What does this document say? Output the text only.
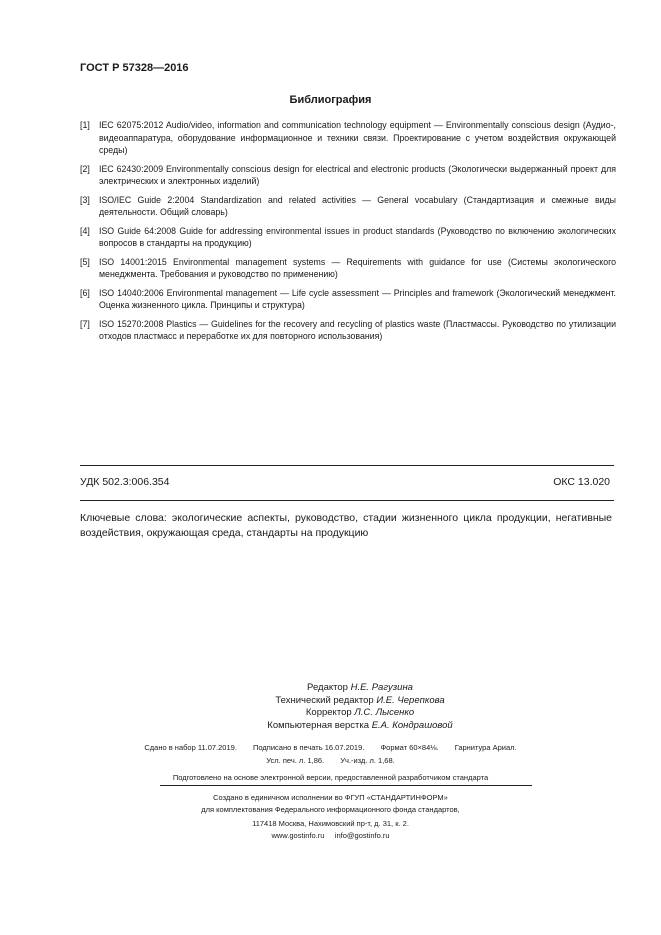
ГОСТ Р 57328—2016
Библиография
[1] IEC 62075:2012 Audio/video, information and communication technology equipment — Environmentally conscious design (Аудио-, видеоаппаратура, оборудование информационное и техники связи. Проектирование с учетом воздействия окружающей среды)
[2] IEC 62430:2009 Environmentally conscious design for electrical and electronic products (Экологически выдержанный проект для электрических и электронных изделий)
[3] ISO/IEC Guide 2:2004 Standardization and related activities — General vocabulary (Стандартизация и смежные виды деятельности. Общий словарь)
[4] ISO Guide 64:2008 Guide for addressing environmental issues in product standards (Руководство по включению экологических вопросов в стандарты на продукцию)
[5] ISO 14001:2015 Environmental management systems — Requirements with guidance for use (Системы экологического менеджмента. Требования и руководство по применению)
[6] ISO 14040:2006 Environmental management — Life cycle assessment — Principles and framework (Экологический менеджмент. Оценка жизненного цикла. Принципы и структура)
[7] ISO 15270:2008 Plastics — Guidelines for the recovery and recycling of plastics waste (Пластмассы. Руководство по утилизации отходов пластмасс и переработке их для повторного использования)
УДК 502.3:006.354	ОКС 13.020
Ключевые слова: экологические аспекты, руководство, стадии жизненного цикла продукции, негативные воздействия, окружающая среда, стандарты на продукцию
Редактор Н.Е. Рагузина
Технический редактор И.Е. Черепкова
Корректор Л.С. Лысенко
Компьютерная верстка Е.А. Кондрашовой
Сдано в набор 11.07.2019. Подписано в печать 16.07.2019. Формат 60×84⅛. Гарнитура Ариал.
Усл. печ. л. 1,86. Уч.-изд. л. 1,68.
Подготовлено на основе электронной версии, предоставленной разработчиком стандарта
Создано в единичном исполнении во ФГУП «СТАНДАРТИНФОРМ»
для комплектования Федерального информационного фонда стандартов,
117418 Москва, Нахимовский пр-т, д. 31, к. 2.
www.gostinfo.ru     info@gostinfo.ru
